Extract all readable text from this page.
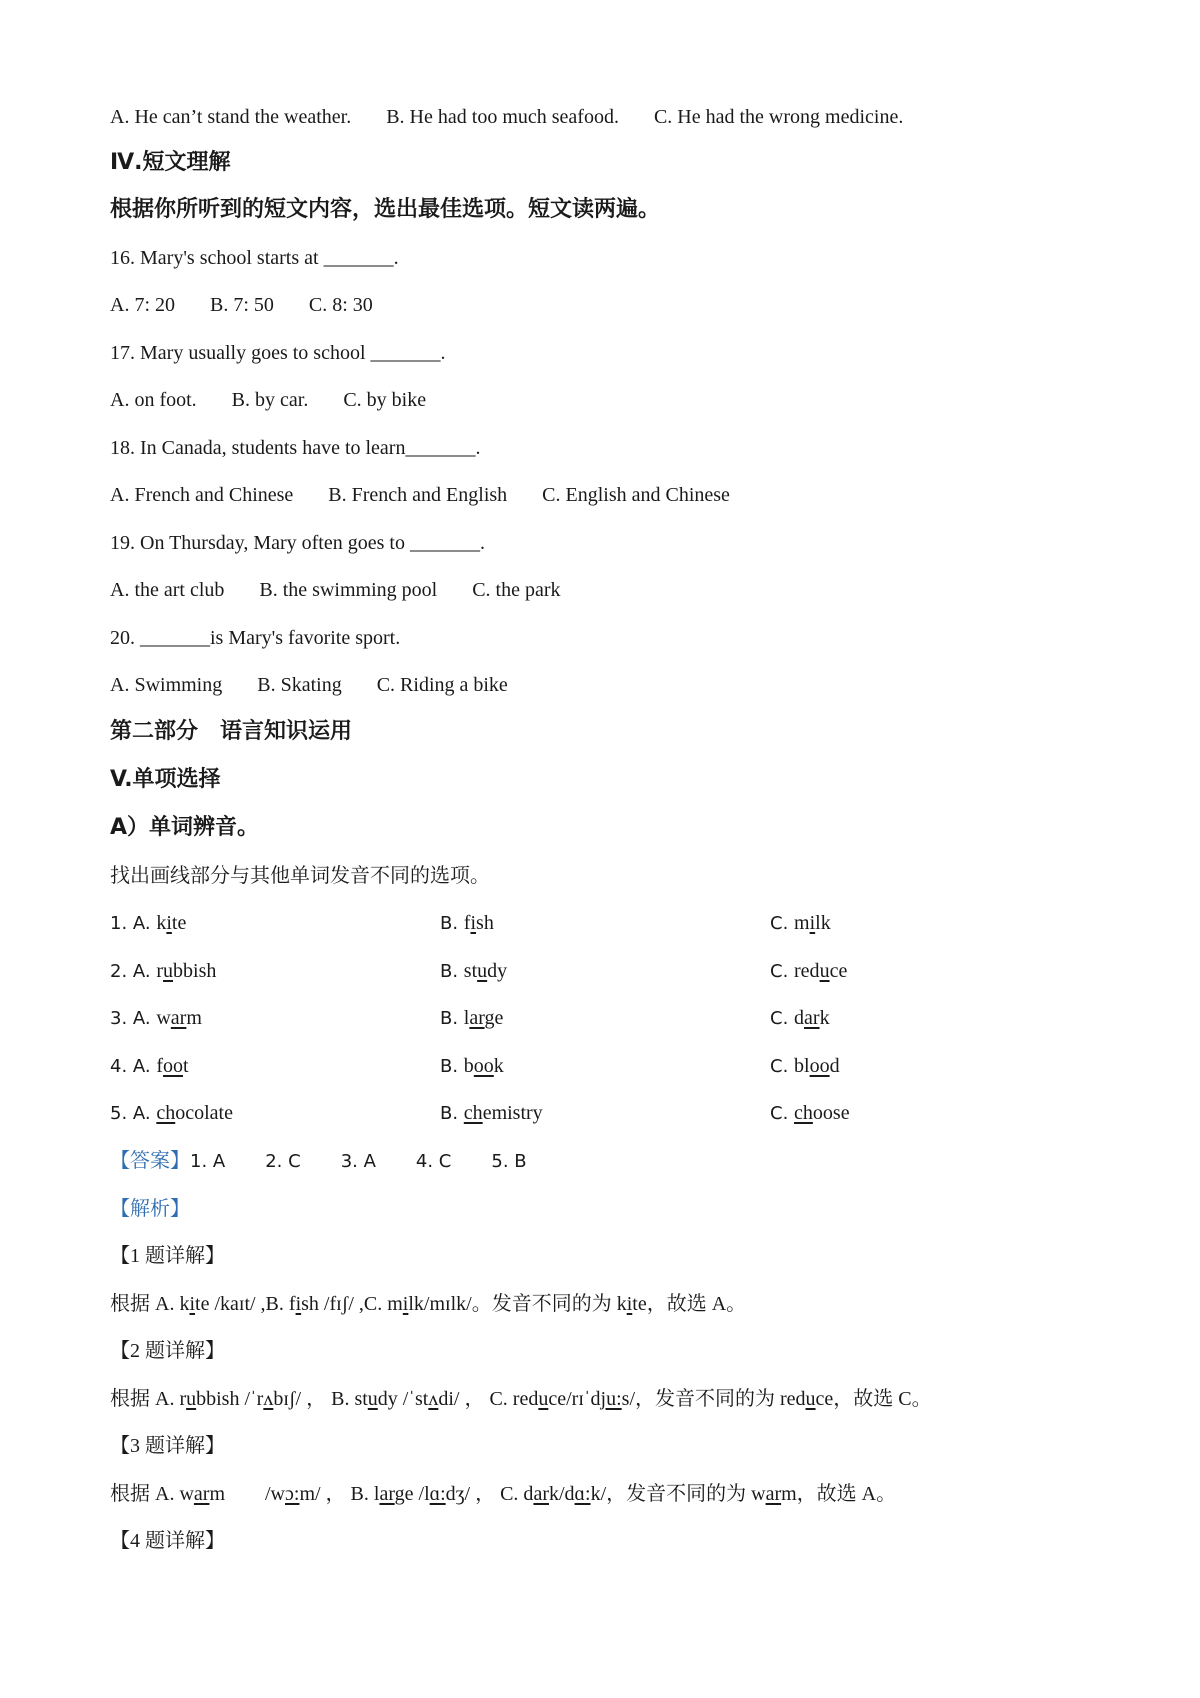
A. He can’t stand the weather. B. He had too much seafood. C. He had the wrong medicine.
Ⅳ.短文理解
根据你所听到的短文内容，选出最佳选项。短文读两遍。
16. Mary's school starts at _______.
A. 7: 20 B. 7: 50 C. 8: 30
17. Mary usually goes to school _______.
A. on foot. B. by car. C. by bike
18. In Canada, students have to learn_______.
A. French and Chinese B. French and English C. English and Chinese
19. On Thursday, Mary often goes to _______.
A. the art club B. the swimming pool C. the park
20. _______is Mary's favorite sport.
A. Swimming B. Skating C. Riding a bike
第二部分　语言知识运用
V.单项选择
A）单词辨音。
找出画线部分与其他单词发音不同的选项。
1. A. kite	B. fish	C. milk
2. A. rubbish	B. study	C. reduce
3. A. warm	B. large	C. dark
4. A. foot	B. book	C. blood
5. A. chocolate	B. chemistry	C. choose
【答案】1. A 2. C 3. A 4. C 5. B
【解析】
【1 题详解】
根据 A. kite /kaɪt/ ,B. fish /fɪʃ/ ,C. milk/mɪlk/。发音不同的为 kite，故选 A。
【2 题详解】
根据 A. rubbish /ˈrʌbɪʃ/ ， B. study /ˈstʌdi/ ， C. reduce/rɪˈdju:s/，发音不同的为 reduce，故选 C。
【3 题详解】
根据 A. warm　　/wɔ:m/ ， B. large /lɑ:dʒ/ ， C. dark/dɑ:k/，发音不同的为 warm，故选 A。
【4 题详解】
